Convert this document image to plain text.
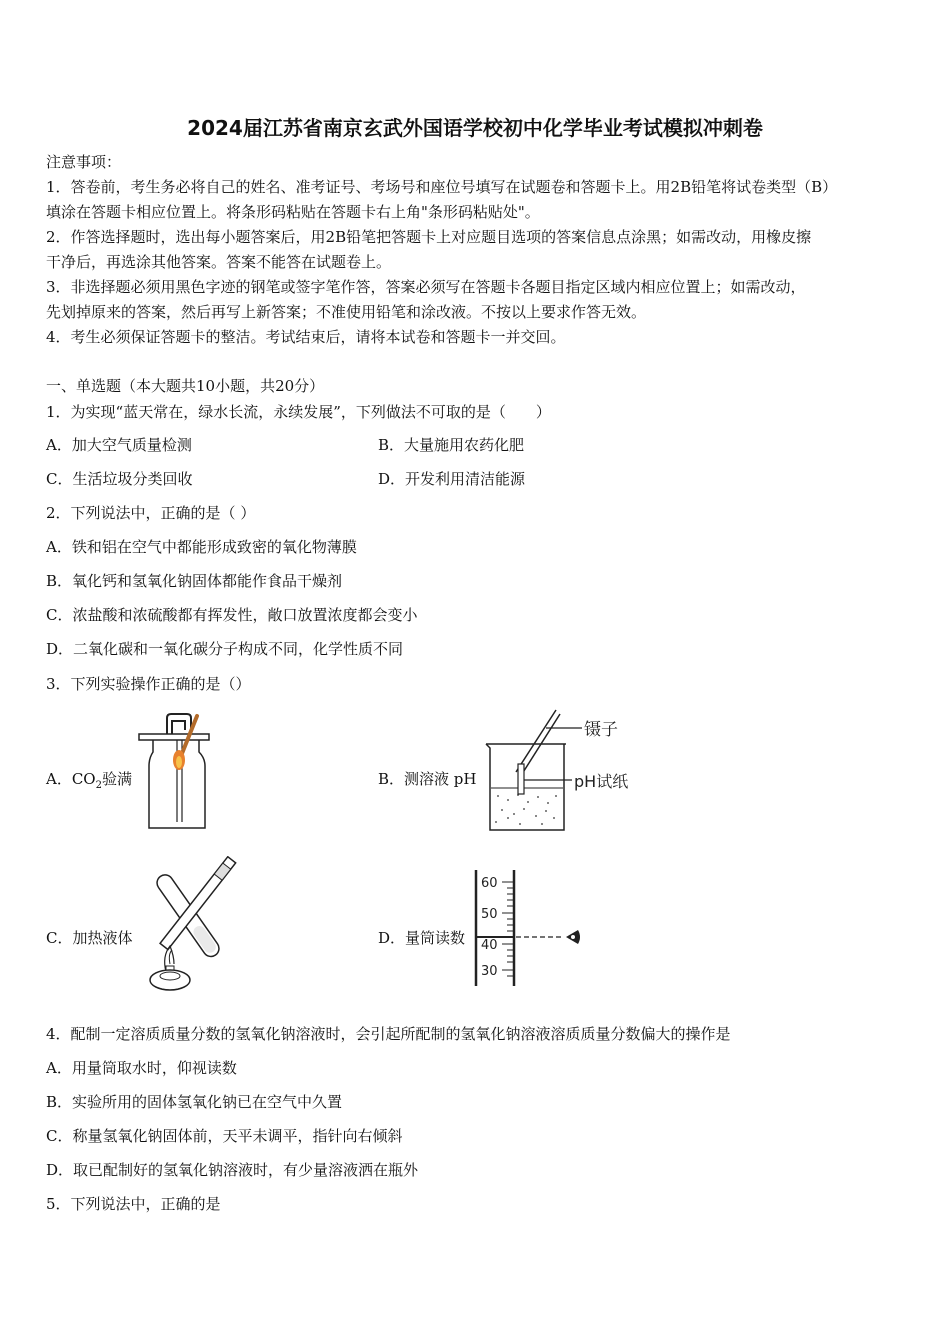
2024届江苏省南京玄武外国语学校初中化学毕业考试模拟冲刺卷
注意事项：
1．答卷前，考生务必将自己的姓名、准考证号、考场号和座位号填写在试题卷和答题卡上。用2B铅笔将试卷类型（B）
填涂在答题卡相应位置上。将条形码粘贴在答题卡右上角"条形码粘贴处"。
2．作答选择题时，选出每小题答案后，用2B铅笔把答题卡上对应题目选项的答案信息点涂黑；如需改动，用橡皮擦
干净后，再选涂其他答案。答案不能答在试题卷上。
3．非选择题必须用黑色字迹的钢笔或签字笔作答，答案必须写在答题卡各题目指定区域内相应位置上；如需改动，
先划掉原来的答案，然后再写上新答案；不准使用铅笔和涂改液。不按以上要求作答无效。
4．考生必须保证答题卡的整洁。考试结束后，请将本试卷和答题卡一并交回。
一、单选题（本大题共10小题，共20分）
1．为实现“蓝天常在，绿水长流，永续发展”，下列做法不可取的是（　　）
A．加大空气质量检测	B．大量施用农药化肥
C．生活垃圾分类回收	D．开发利用清洁能源
2．下列说法中，正确的是（ ）
A．铁和铝在空气中都能形成致密的氧化物薄膜
B．氧化钙和氢氧化钠固体都能作食品干燥剂
C．浓盐酸和浓硫酸都有挥发性，敞口放置浓度都会变小
D．二氧化碳和一氧化碳分子构成不同，化学性质不同
3．下列实验操作正确的是（）
A．$CO_2$验满	B．测溶液 pH
镊子
pH试纸
C．加热液体	D．量筒读数
60
50
40
30
4．配制一定溶质质量分数的氢氧化钠溶液时，会引起所配制的氢氧化钠溶液溶质质量分数偏大的操作是
A．用量筒取水时，仰视读数
B．实验所用的固体氢氧化钠已在空气中久置
C．称量氢氧化钠固体前，天平未调平，指针向右倾斜
D．取已配制好的氢氧化钠溶液时，有少量溶液洒在瓶外
5．下列说法中，正确的是
